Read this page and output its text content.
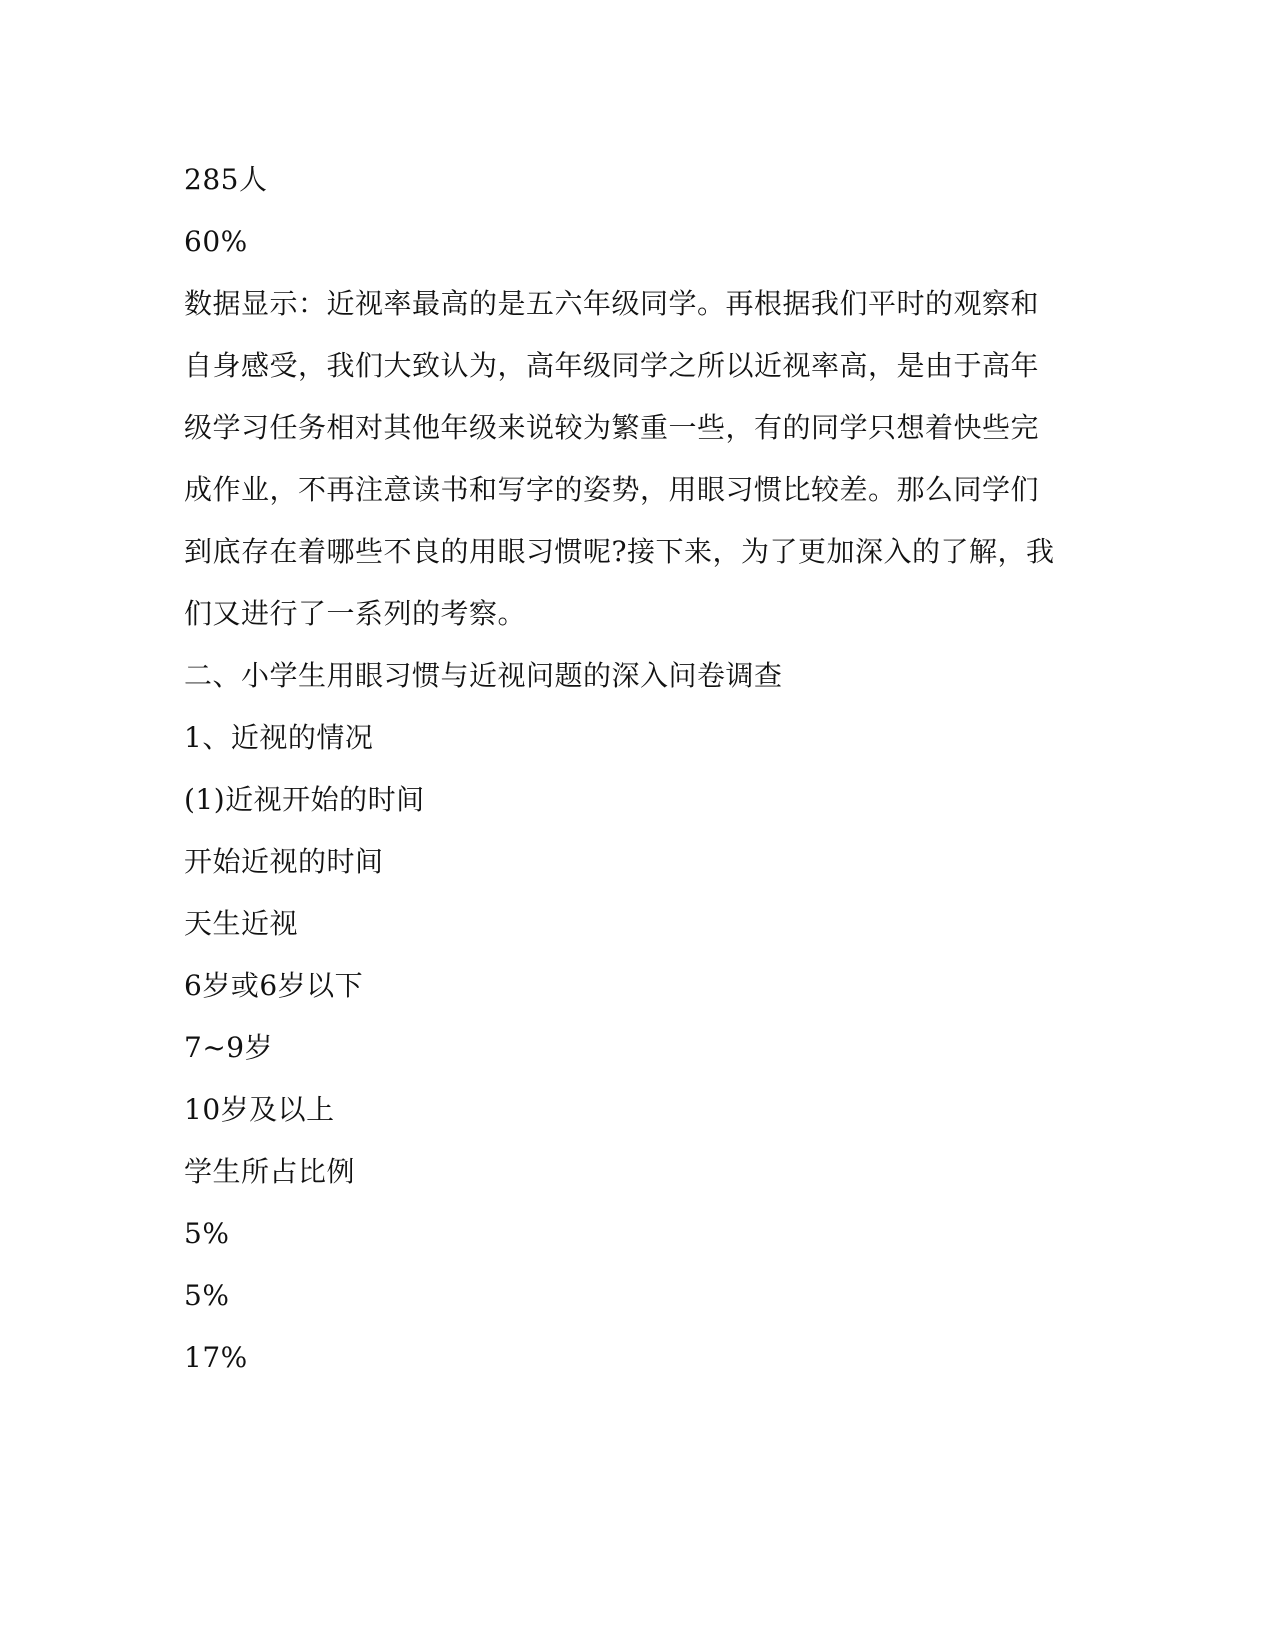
285人
60%
数据显示：近视率最高的是五六年级同学。再根据我们平时的观察和
自身感受，我们大致认为，高年级同学之所以近视率高，是由于高年
级学习任务相对其他年级来说较为繁重一些，有的同学只想着快些完
成作业，不再注意读书和写字的姿势，用眼习惯比较差。那么同学们
到底存在着哪些不良的用眼习惯呢?接下来，为了更加深入的了解，我
们又进行了一系列的考察。
二、小学生用眼习惯与近视问题的深入问卷调查
1、近视的情况
(1)近视开始的时间
开始近视的时间
天生近视
6岁或6岁以下
7~9岁
10岁及以上
学生所占比例
5%
5%
17%
